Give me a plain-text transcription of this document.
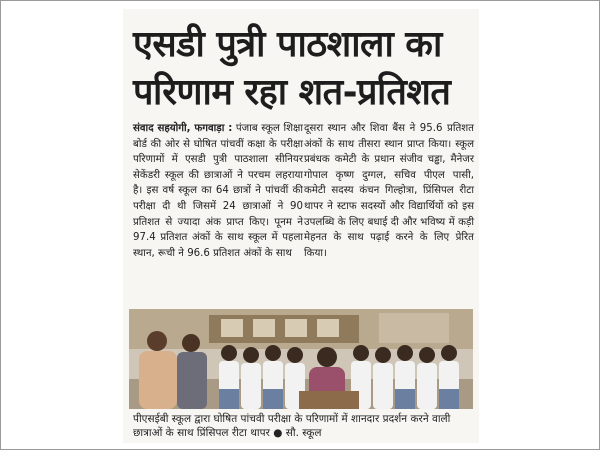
एसडी पुत्री पाठशाला का
परिणाम रहा शत-प्रतिशत

संवाद सहयोगी, फगवाड़ा : पंजाब स्कूल शिक्षा बोर्ड की ओर से घोषित पांचवीं कक्षा के परीक्षा परिणामों में एसडी पुत्री पाठशाला सीनियर सेकेंडरी स्कूल की छात्राओं ने परचम लहराया है। इस वर्ष स्कूल का 64 छात्रों ने पांचवीं की परीक्षा दी थी जिसमें 24 छात्राओं ने 90 प्रतिशत से ज्यादा अंक प्राप्त किए। पूनम ने 97.4 प्रतिशत अंकों के साथ स्कूल में पहला स्थान, रूची ने 96.6 प्रतिशत अंकों के साथ

दूसरा स्थान और शिवा बैंस ने 95.6 प्रतिशत अंकों के साथ तीसरा स्थान प्राप्त किया। स्कूल प्रबंधक कमेटी के प्रधान संजीव चड्ढा, मैनेजर गोपाल कृष्ण दुग्गल, सचिव पीएल पासी, कमेटी सदस्य कंचन गिल्होत्रा, प्रिंसिपल रीटा थापर ने स्टाफ सदस्यों और विद्यार्थियों को इस उपलब्धि के लिए बधाई दी और भविष्य में कड़ी मेहनत के साथ पढ़ाई करने के लिए प्रेरित किया।

पीएसईबी स्कूल द्वारा घोषित पांचवी परीक्षा के परिणामों में शानदार प्रदर्शन करने वाली छात्राओं के साथ प्रिंसिपल रीटा थापर ● सौ. स्कूल
